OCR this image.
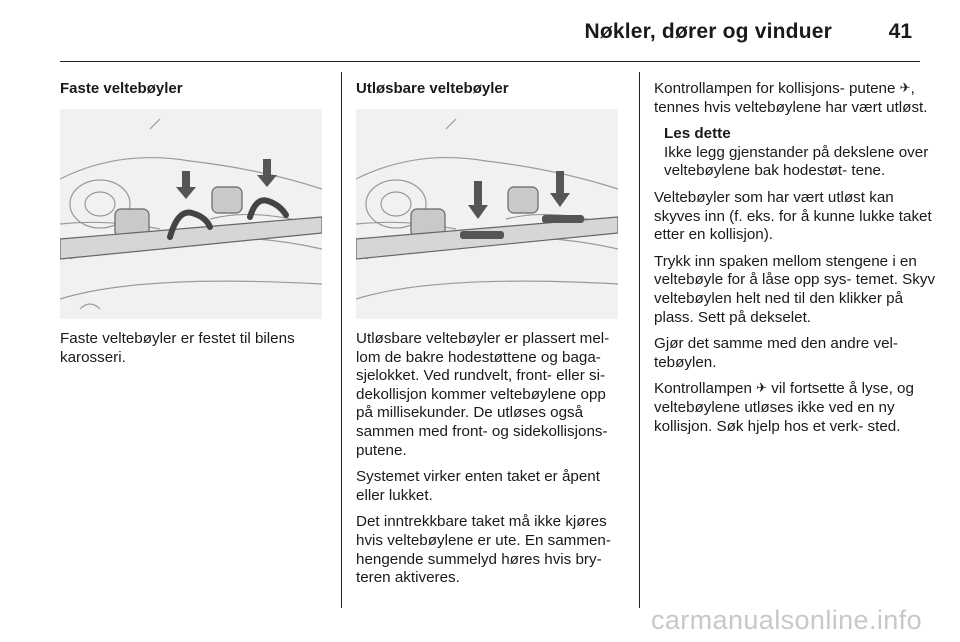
Nøkler, dører og vinduer	41

Faste veltebøyler

Faste veltebøyler er festet til bilens karosseri.

Utløsbare veltebøyler

Utløsbare veltebøyler er plassert mel- lom de bakre hodestøttene og baga- sjelokket. Ved rundvelt, front- eller si- dekollisjon kommer veltebøylene opp på millisekunder. De utløses også sammen med front- og sidekollisjons- putene.

Systemet virker enten taket er åpent eller lukket.

Det inntrekkbare taket må ikke kjøres hvis veltebøylene er ute. En sammen- hengende summelyd høres hvis bry- teren aktiveres.

Kontrollampen for kollisjons- putene ✈, tennes hvis veltebøylene har vært utløst.

Les dette
Ikke legg gjenstander på dekslene over veltebøylene bak hodestøt- tene.

Veltebøyler som har vært utløst kan skyves inn (f. eks. for å kunne lukke taket etter en kollisjon).

Trykk inn spaken mellom stengene i en veltebøyle for å låse opp sys- temet. Skyv veltebøylen helt ned til den klikker på plass. Sett på dekselet.

Gjør det samme med den andre vel- tebøylen.

Kontrollampen ✈ vil fortsette å lyse, og veltebøylene utløses ikke ved en ny kollisjon. Søk hjelp hos et verk- sted.

carmanualsonline.info
